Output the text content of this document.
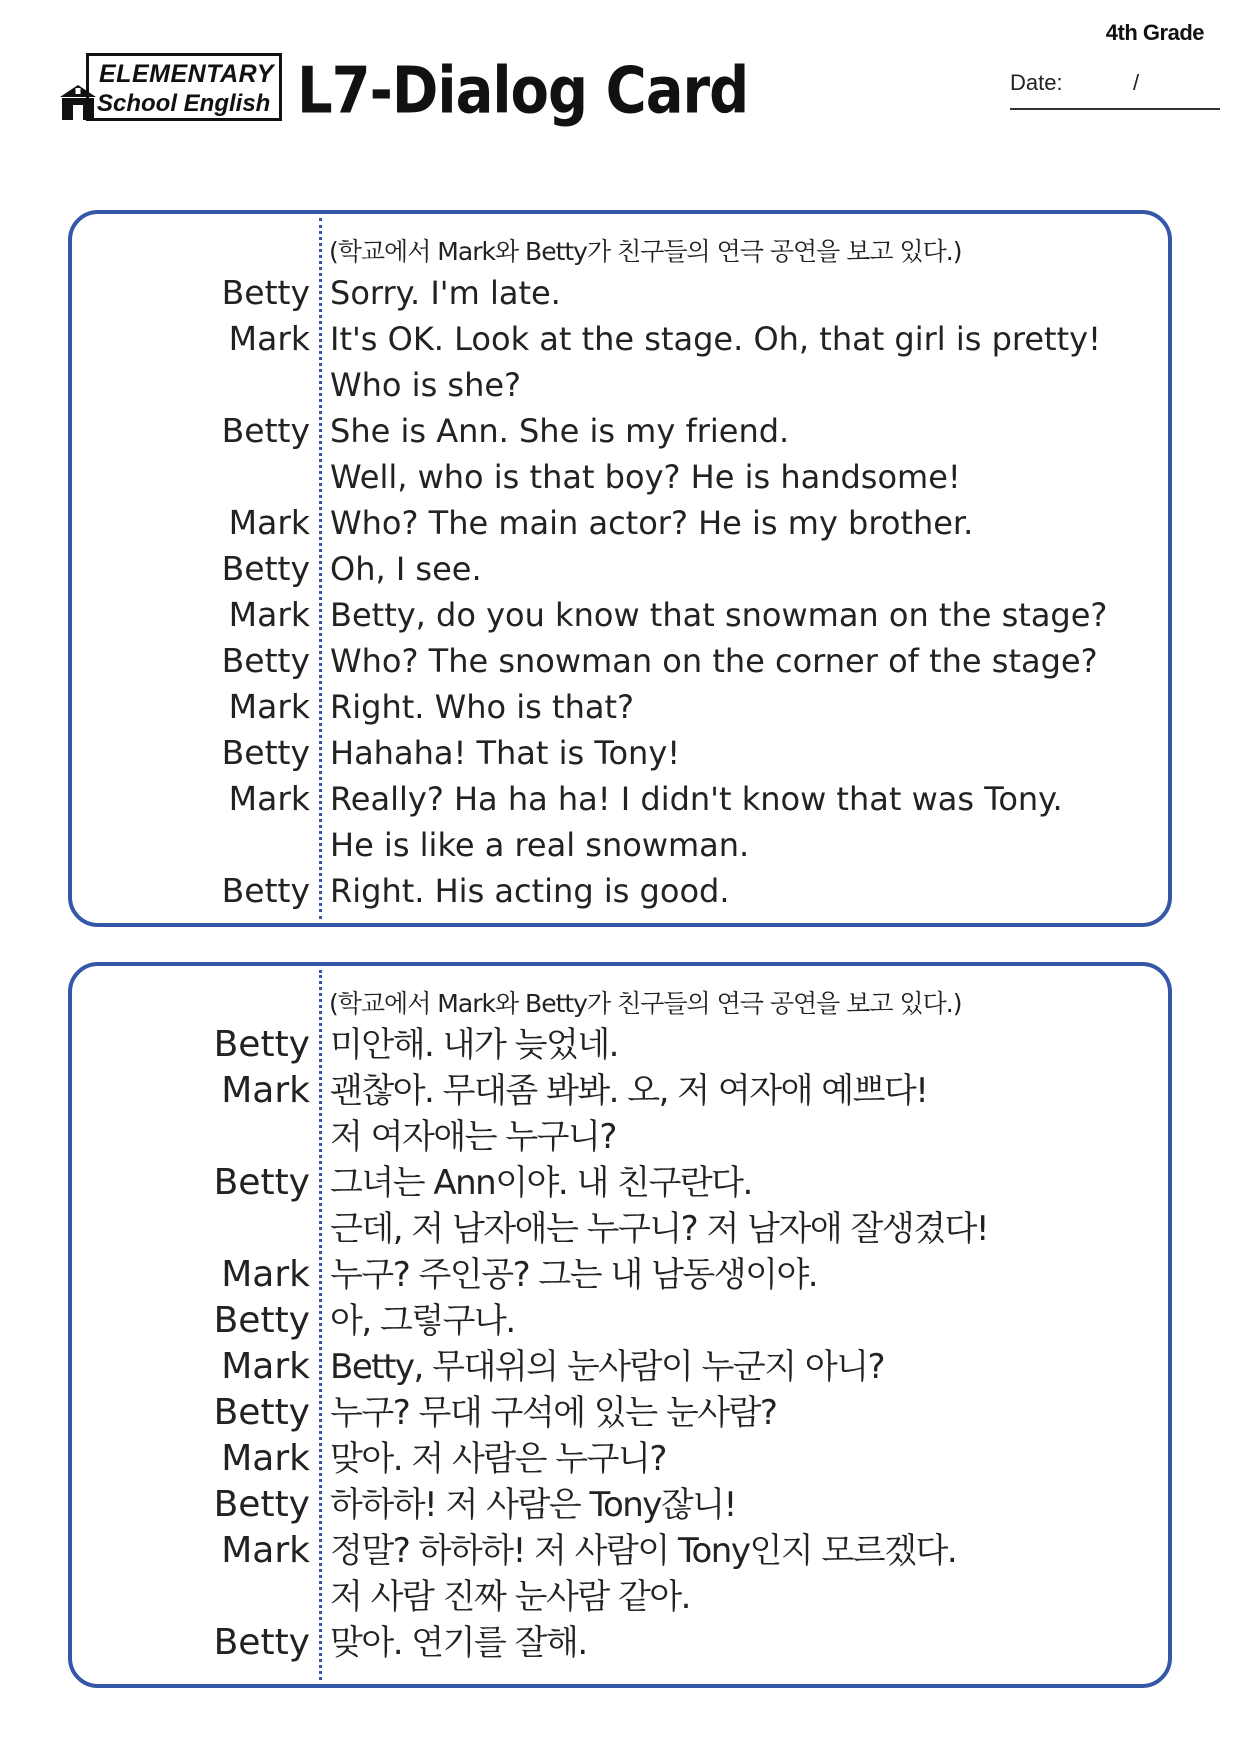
4th Grade
Date:	/
ELEMENTARY
School English L7-Dialog Card
(학교에서 Mark와 Betty가 친구들의 연극 공연을 보고 있다.)
Betty Sorry. I'm late.
Mark It's OK. Look at the stage. Oh, that girl is pretty!
Who is she?
Betty She is Ann. She is my friend.
Well, who is that boy? He is handsome!
Mark Who? The main actor? He is my brother.
Betty Oh, I see.
Mark Betty, do you know that snowman on the stage?
Betty Who? The snowman on the corner of the stage?
Mark Right. Who is that?
Betty Hahaha! That is Tony!
Mark Really? Ha ha ha! I didn't know that was Tony.
He is like a real snowman.
Betty Right. His acting is good.
(학교에서 Mark와 Betty가 친구들의 연극 공연을 보고 있다.)
Betty 미안해. 내가 늦었네.
Mark 괜찮아. 무대좀 봐봐. 오, 저 여자애 예쁘다!
저 여자애는 누구니?
Betty 그녀는 Ann이야. 내 친구란다.
근데, 저 남자애는 누구니? 저 남자애 잘생겼다!
Mark 누구? 주인공? 그는 내 남동생이야.
Betty 아, 그렇구나.
Mark Betty, 무대위의 눈사람이 누군지 아니?
Betty 누구? 무대 구석에 있는 눈사람?
Mark 맞아. 저 사람은 누구니?
Betty 하하하! 저 사람은 Tony잖니!
Mark 정말? 하하하! 저 사람이 Tony인지 모르겠다.
저 사람 진짜 눈사람 같아.
Betty 맞아. 연기를 잘해.
